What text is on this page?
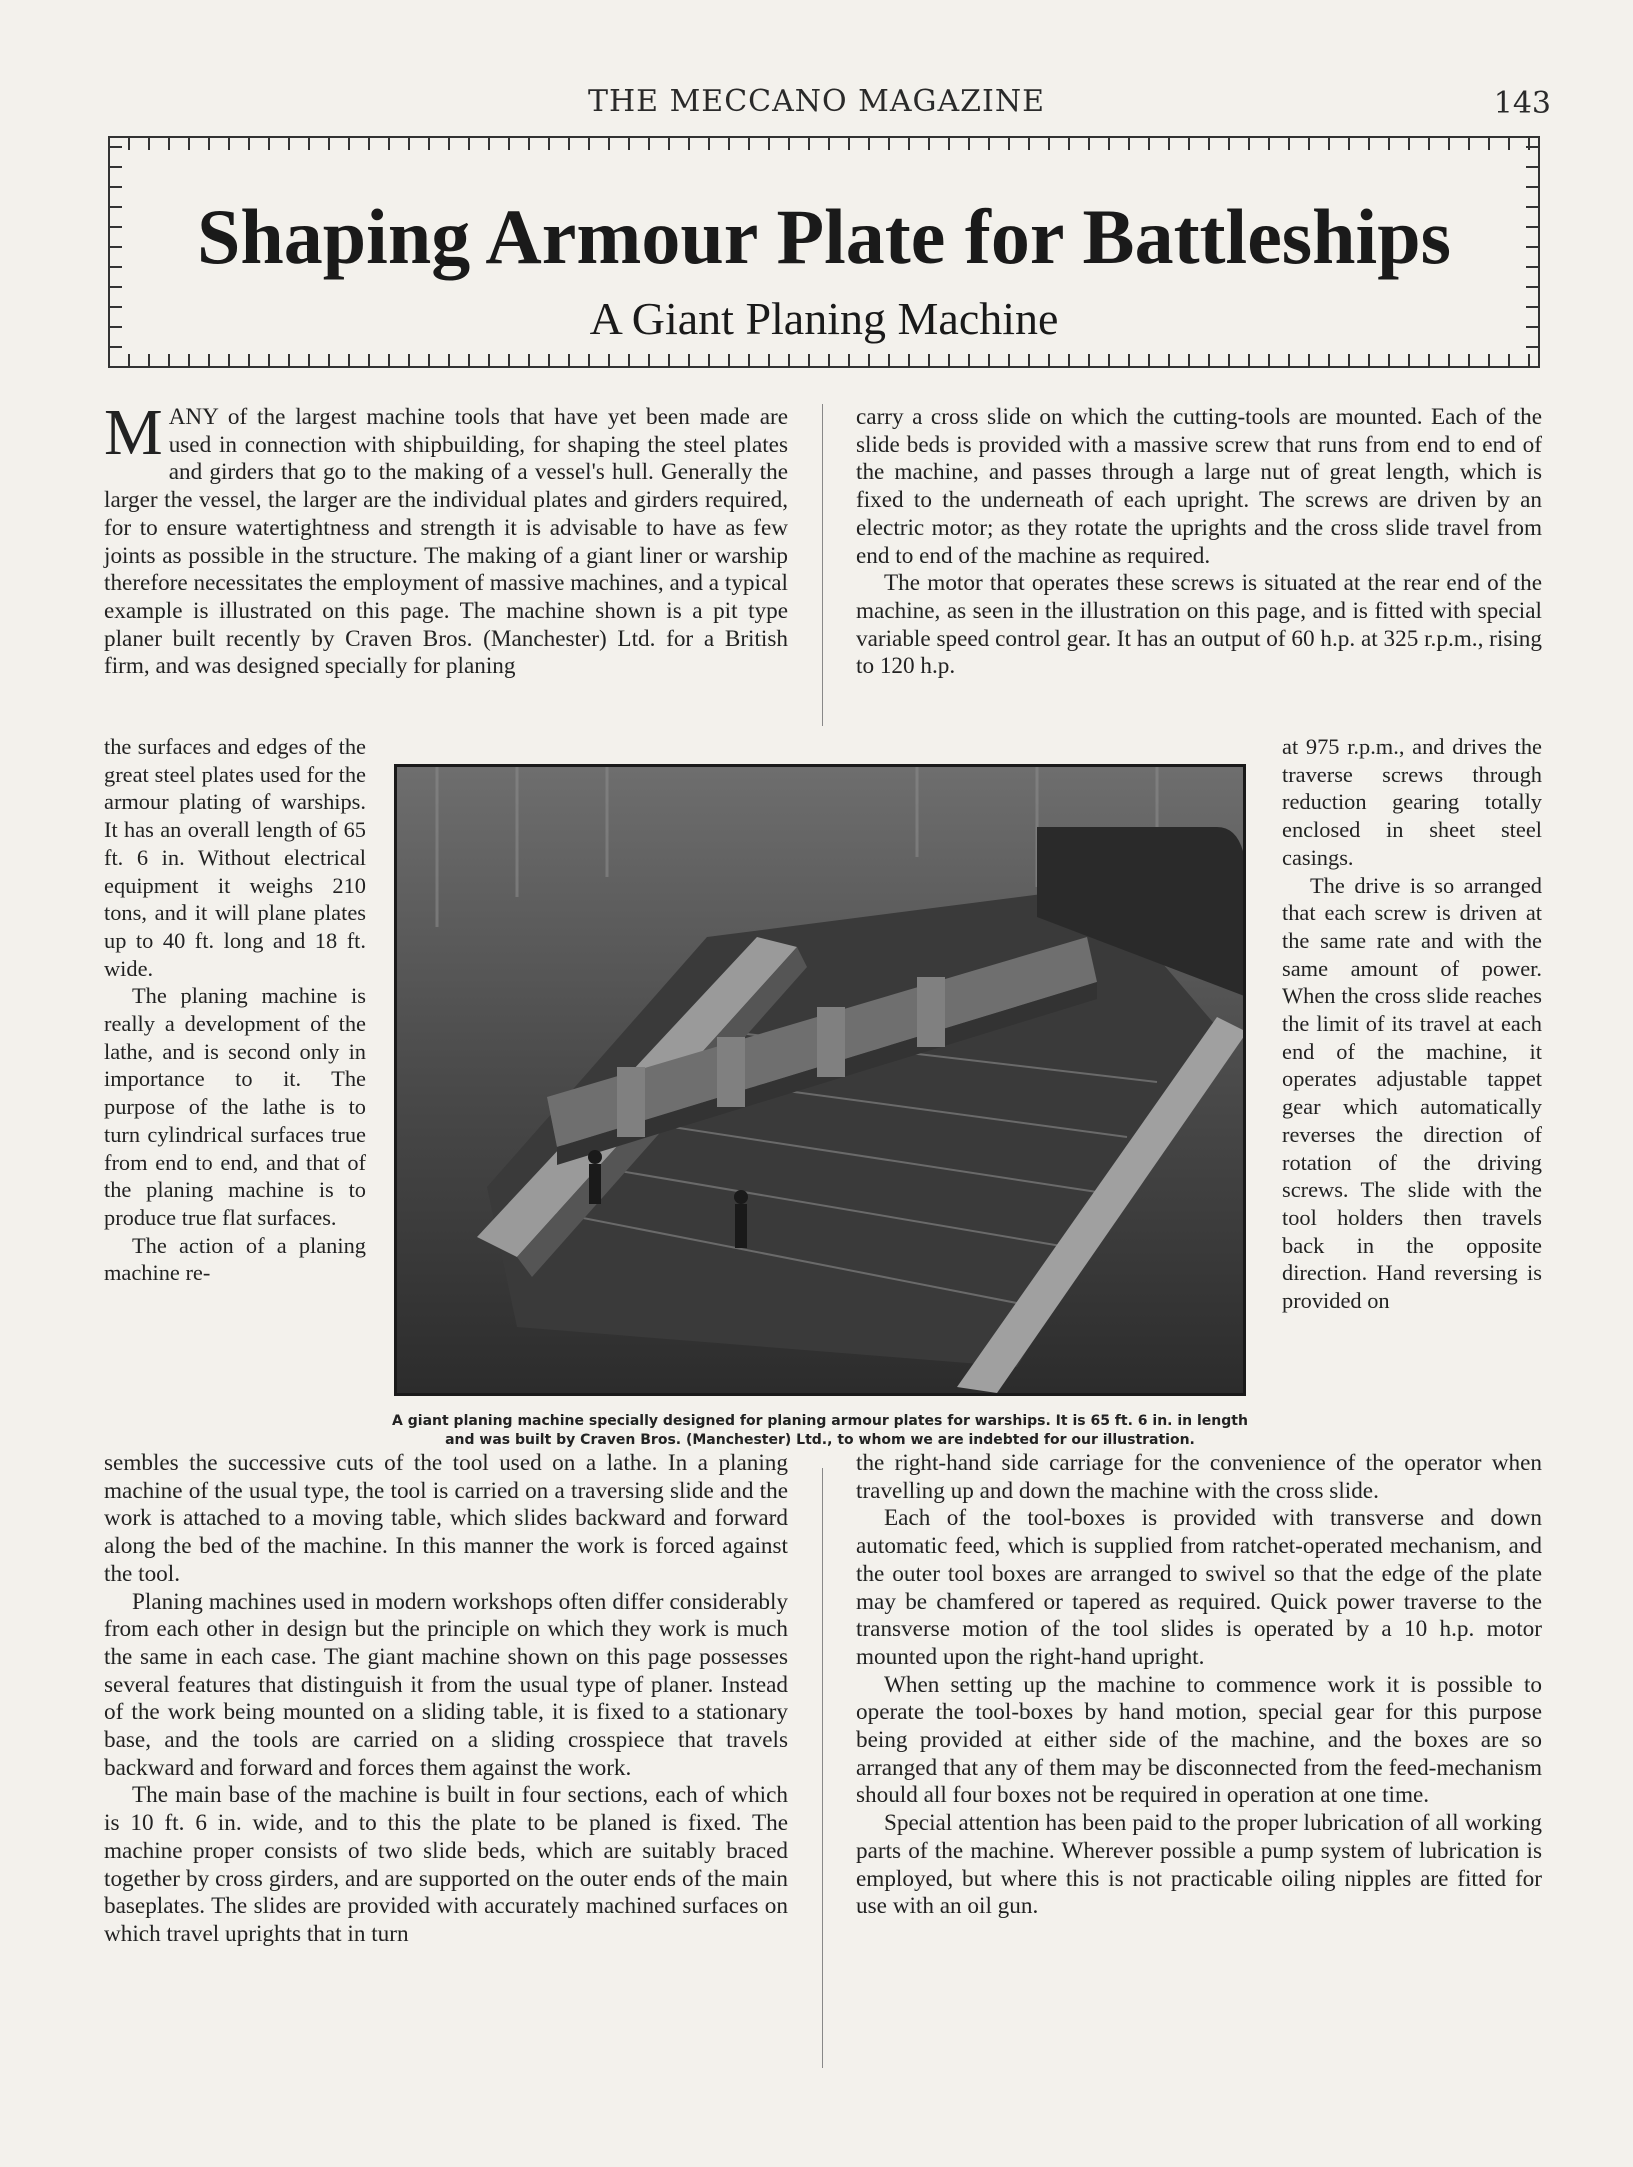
THE MECCANO MAGAZINE	143
Shaping Armour Plate for Battleships
A Giant Planing Machine

MANY of the largest machine tools that have yet been made are used in connection with shipbuilding, for shaping the steel plates and girders that go to the making of a vessel's hull. Generally the larger the vessel, the larger are the individual plates and girders required, for to ensure watertightness and strength it is advisable to have as few joints as possible in the structure. The making of a giant liner or warship therefore necessitates the employment of massive machines, and a typical example is illustrated on this page. The machine shown is a pit type planer built recently by Craven Bros. (Manchester) Ltd. for a British firm, and was designed specially for planing

the surfaces and edges of the great steel plates used for the armour plating of warships. It has an overall length of 65 ft. 6 in. Without electrical equipment it weighs 210 tons, and it will plane plates up to 40 ft. long and 18 ft. wide.

The planing machine is really a development of the lathe, and is second only in importance to it. The purpose of the lathe is to turn cylindrical surfaces true from end to end, and that of the planing machine is to produce true flat surfaces.

The action of a planing machine re-

sembles the successive cuts of the tool used on a lathe. In a planing machine of the usual type, the tool is carried on a traversing slide and the work is attached to a moving table, which slides backward and forward along the bed of the machine. In this manner the work is forced against the tool.

Planing machines used in modern workshops often differ considerably from each other in design but the principle on which they work is much the same in each case. The giant machine shown on this page possesses several features that distinguish it from the usual type of planer. Instead of the work being mounted on a sliding table, it is fixed to a stationary base, and the tools are carried on a sliding crosspiece that travels backward and forward and forces them against the work.

The main base of the machine is built in four sections, each of which is 10 ft. 6 in. wide, and to this the plate to be planed is fixed. The machine proper consists of two slide beds, which are suitably braced together by cross girders, and are supported on the outer ends of the main baseplates. The slides are provided with accurately machined surfaces on which travel uprights that in turn

carry a cross slide on which the cutting-tools are mounted. Each of the slide beds is provided with a massive screw that runs from end to end of the machine, and passes through a large nut of great length, which is fixed to the underneath of each upright. The screws are driven by an electric motor; as they rotate the uprights and the cross slide travel from end to end of the machine as required.

The motor that operates these screws is situated at the rear end of the machine, as seen in the illustration on this page, and is fitted with special variable speed control gear. It has an output of 60 h.p. at 325 r.p.m., rising to 120 h.p.

at 975 r.p.m., and drives the traverse screws through reduction gearing totally enclosed in sheet steel casings.

The drive is so arranged that each screw is driven at the same rate and with the same amount of power. When the cross slide reaches the limit of its travel at each end of the machine, it operates adjustable tappet gear which automatically reverses the direction of rotation of the driving screws. The slide with the tool holders then travels back in the opposite direction. Hand reversing is provided on

the right-hand side carriage for the convenience of the operator when travelling up and down the machine with the cross slide.

Each of the tool-boxes is provided with transverse and down automatic feed, which is supplied from ratchet-operated mechanism, and the outer tool boxes are arranged to swivel so that the edge of the plate may be chamfered or tapered as required. Quick power traverse to the transverse motion of the tool slides is operated by a 10 h.p. motor mounted upon the right-hand upright.

When setting up the machine to commence work it is possible to operate the tool-boxes by hand motion, special gear for this purpose being provided at either side of the machine, and the boxes are so arranged that any of them may be disconnected from the feed-mechanism should all four boxes not be required in operation at one time.

Special attention has been paid to the proper lubrication of all working parts of the machine. Wherever possible a pump system of lubrication is employed, but where this is not practicable oiling nipples are fitted for use with an oil gun.

A giant planing machine specially designed for planing armour plates for warships. It is 65 ft. 6 in. in length
and was built by Craven Bros. (Manchester) Ltd., to whom we are indebted for our illustration.
